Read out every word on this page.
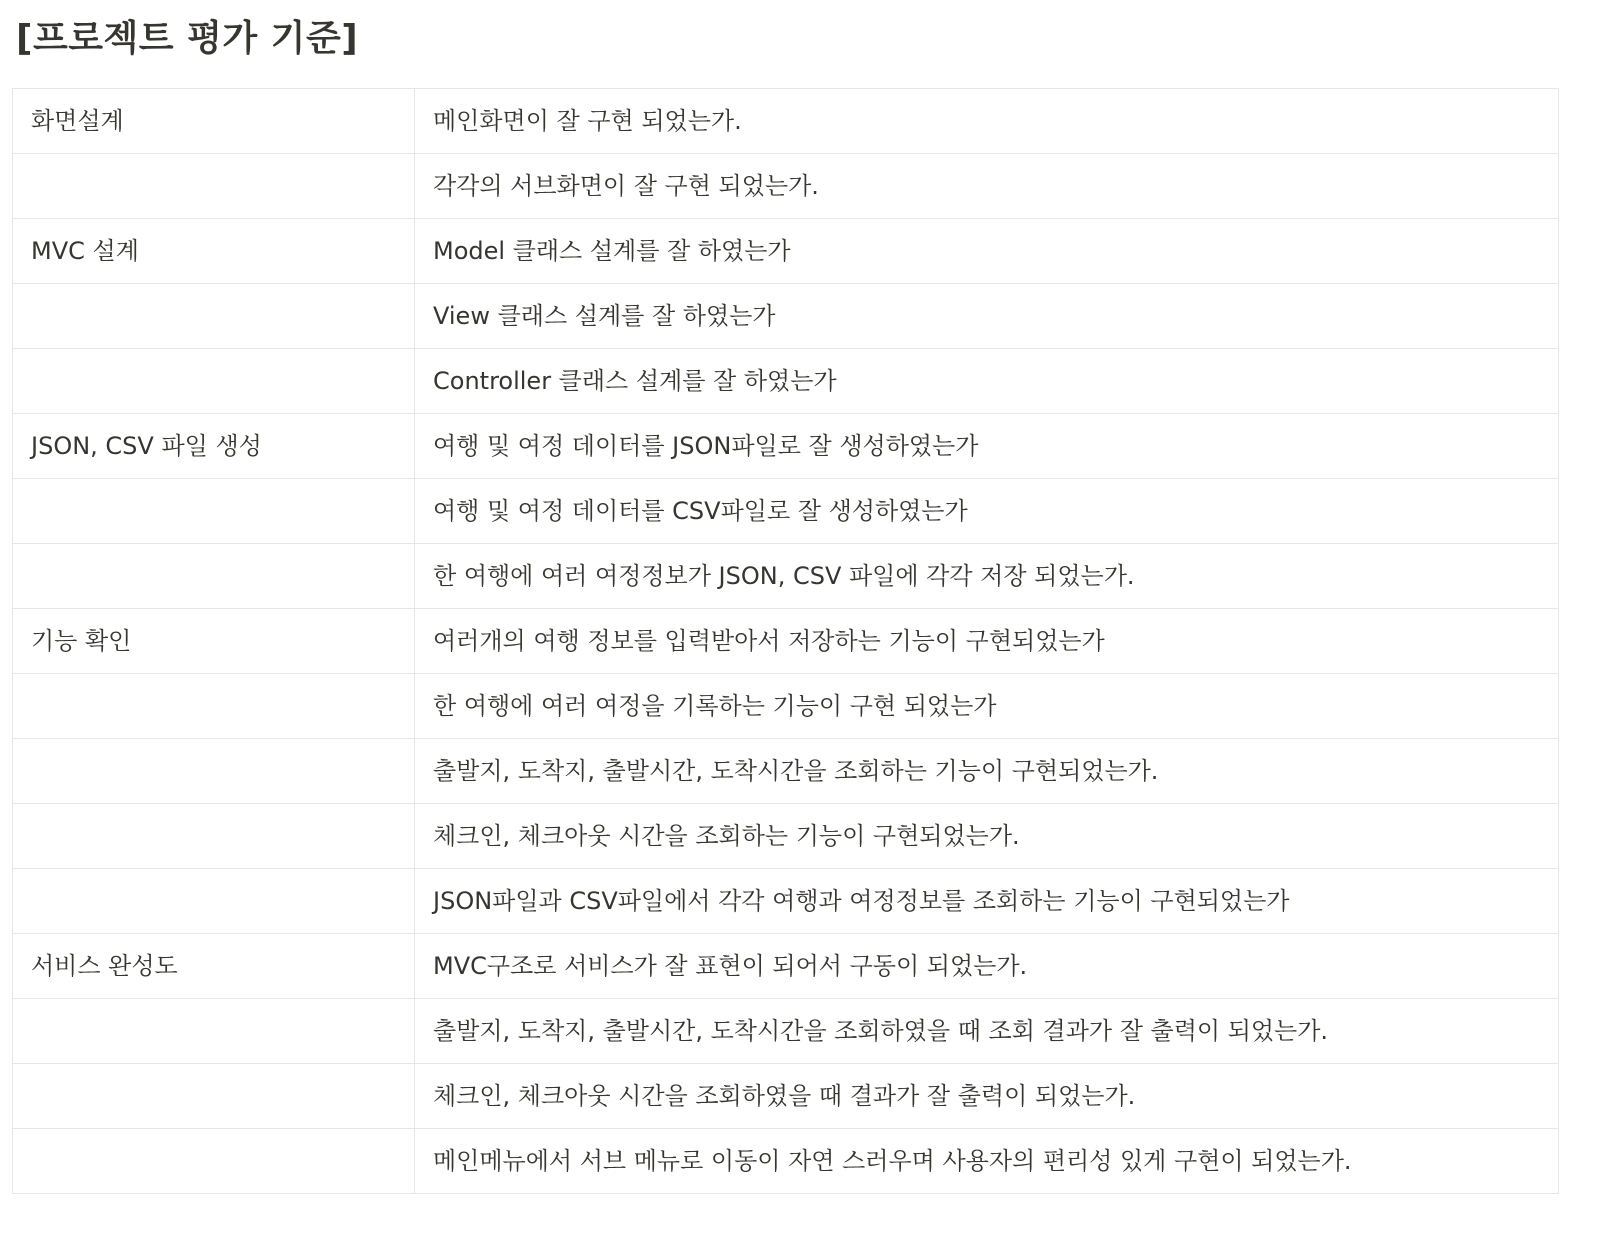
[프로젝트 평가 기준]
화면설계	메인화면이 잘 구현 되었는가.
	각각의 서브화면이 잘 구현 되었는가.
MVC 설계	Model 클래스 설계를 잘 하였는가
	View 클래스 설계를 잘 하였는가
	Controller 클래스 설계를 잘 하였는가
JSON, CSV 파일 생성	여행 및 여정 데이터를 JSON파일로 잘 생성하였는가
	여행 및 여정 데이터를 CSV파일로 잘 생성하였는가
	한 여행에 여러 여정정보가 JSON, CSV 파일에 각각 저장 되었는가.
기능 확인	여러개의 여행 정보를 입력받아서 저장하는 기능이 구현되었는가
	한 여행에 여러 여정을 기록하는 기능이 구현 되었는가
	출발지, 도착지, 출발시간, 도착시간을 조회하는 기능이 구현되었는가.
	체크인, 체크아웃 시간을 조회하는 기능이 구현되었는가.
	JSON파일과 CSV파일에서 각각 여행과 여정정보를 조회하는 기능이 구현되었는가
서비스 완성도	MVC구조로 서비스가 잘 표현이 되어서 구동이 되었는가.
	출발지, 도착지, 출발시간, 도착시간을 조회하였을 때 조회 결과가 잘 출력이 되었는가.
	체크인, 체크아웃 시간을 조회하였을 때 결과가 잘 출력이 되었는가.
	메인메뉴에서 서브 메뉴로 이동이 자연 스러우며 사용자의 편리성 있게 구현이 되었는가.
